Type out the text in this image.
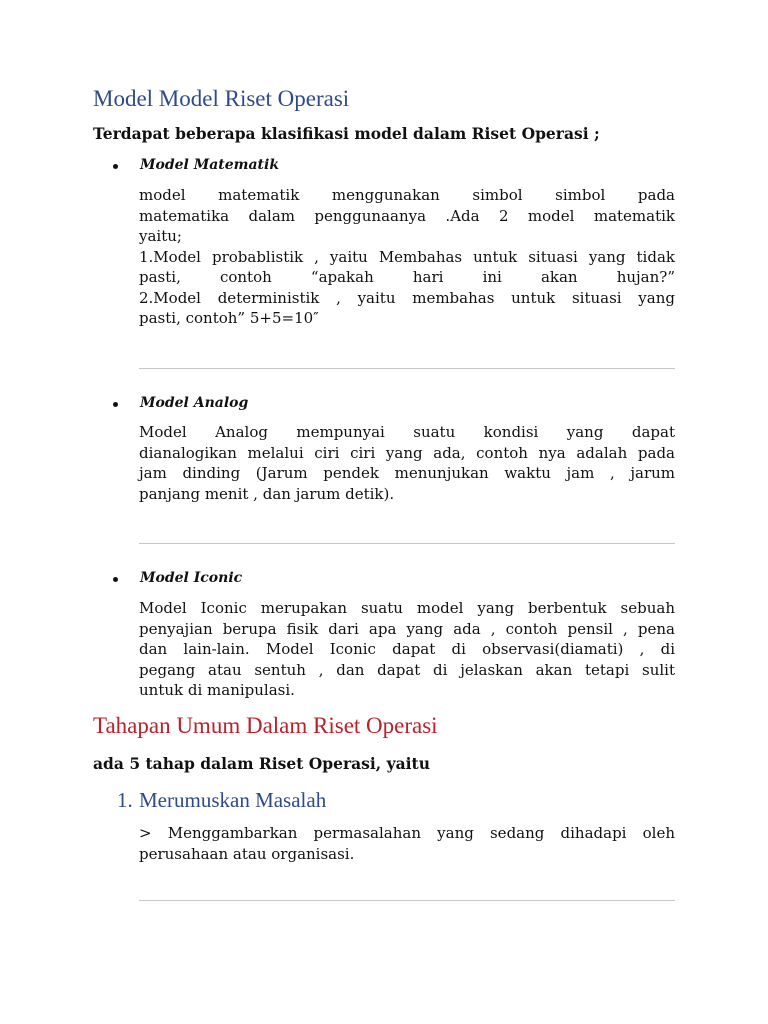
Model Model Riset Operasi

Terdapat beberapa klasifikasi model dalam Riset Operasi ;

Model Matematik
model matematik menggunakan simbol simbol pada
matematika dalam penggunaanya .Ada 2 model matematik
yaitu;
1.Model probablistik , yaitu Membahas untuk situasi yang tidak
pasti, contoh “apakah hari ini akan hujan?”
2.Model deterministik , yaitu membahas untuk situasi yang
pasti, contoh” 5+5=10″
Model Analog
Model Analog mempunyai suatu kondisi yang dapat
dianalogikan melalui ciri ciri yang ada, contoh nya adalah pada
jam dinding (Jarum pendek menunjukan waktu jam , jarum
panjang menit , dan jarum detik).
Model Iconic
Model Iconic merupakan suatu model yang berbentuk sebuah
penyajian berupa fisik dari apa yang ada , contoh pensil , pena
dan lain-lain. Model Iconic dapat di observasi(diamati) , di
pegang atau sentuh , dan dapat di jelaskan akan tetapi sulit
untuk di manipulasi.
Tahapan Umum Dalam Riset Operasi

ada 5 tahap dalam Riset Operasi, yaitu

1. Merumuskan Masalah
> Menggambarkan permasalahan yang sedang dihadapi oleh
perusahaan atau organisasi.
